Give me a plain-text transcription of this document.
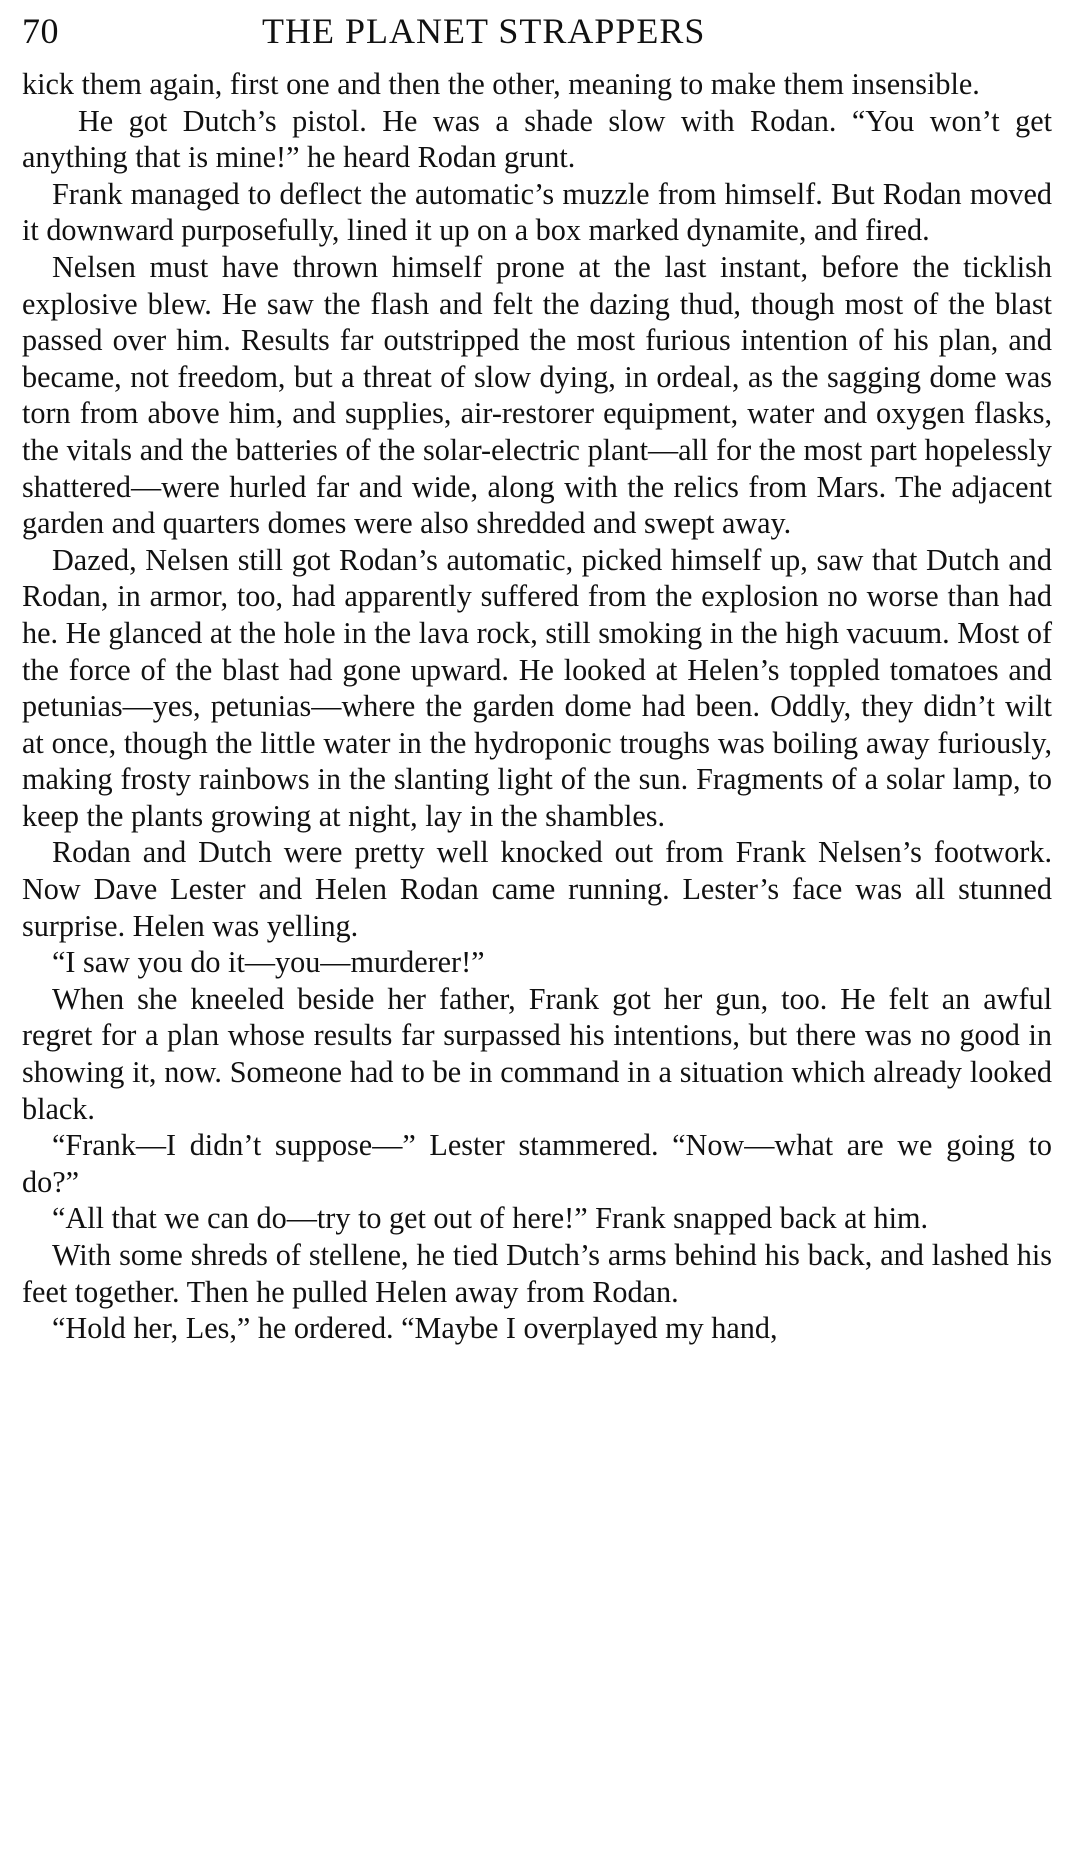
70	THE PLANET STRAPPERS

kick them again, first one and then the other, meaning to make them insensible.

He got Dutch’s pistol. He was a shade slow with Rodan. “You won’t get anything that is mine!” he heard Rodan grunt.

Frank managed to deflect the automatic’s muzzle from himself. But Rodan moved it downward purposefully, lined it up on a box marked dynamite, and fired.

Nelsen must have thrown himself prone at the last instant, before the ticklish explosive blew. He saw the flash and felt the dazing thud, though most of the blast passed over him. Results far outstripped the most furious intention of his plan, and became, not freedom, but a threat of slow dying, in ordeal, as the sagging dome was torn from above him, and supplies, air-restorer equipment, water and oxygen flasks, the vitals and the batteries of the solar-electric plant—all for the most part hopelessly shattered—were hurled far and wide, along with the relics from Mars. The adjacent garden and quarters domes were also shredded and swept away.

Dazed, Nelsen still got Rodan’s automatic, picked himself up, saw that Dutch and Rodan, in armor, too, had apparently suffered from the explosion no worse than had he. He glanced at the hole in the lava rock, still smoking in the high vacuum. Most of the force of the blast had gone upward. He looked at Helen’s toppled tomatoes and petunias—yes, petunias—where the garden dome had been. Oddly, they didn’t wilt at once, though the little water in the hydroponic troughs was boiling away furiously, making frosty rainbows in the slanting light of the sun. Fragments of a solar lamp, to keep the plants growing at night, lay in the shambles.

Rodan and Dutch were pretty well knocked out from Frank Nelsen’s footwork. Now Dave Lester and Helen Rodan came running. Lester’s face was all stunned surprise. Helen was yelling.

“I saw you do it—you—murderer!”

When she kneeled beside her father, Frank got her gun, too. He felt an awful regret for a plan whose results far surpassed his intentions, but there was no good in showing it, now. Someone had to be in command in a situation which already looked black.

“Frank—I didn’t suppose—” Lester stammered. “Now—what are we going to do?”

“All that we can do—try to get out of here!” Frank snapped back at him.

With some shreds of stellene, he tied Dutch’s arms behind his back, and lashed his feet together. Then he pulled Helen away from Rodan.

“Hold her, Les,” he ordered. “Maybe I overplayed my hand,
